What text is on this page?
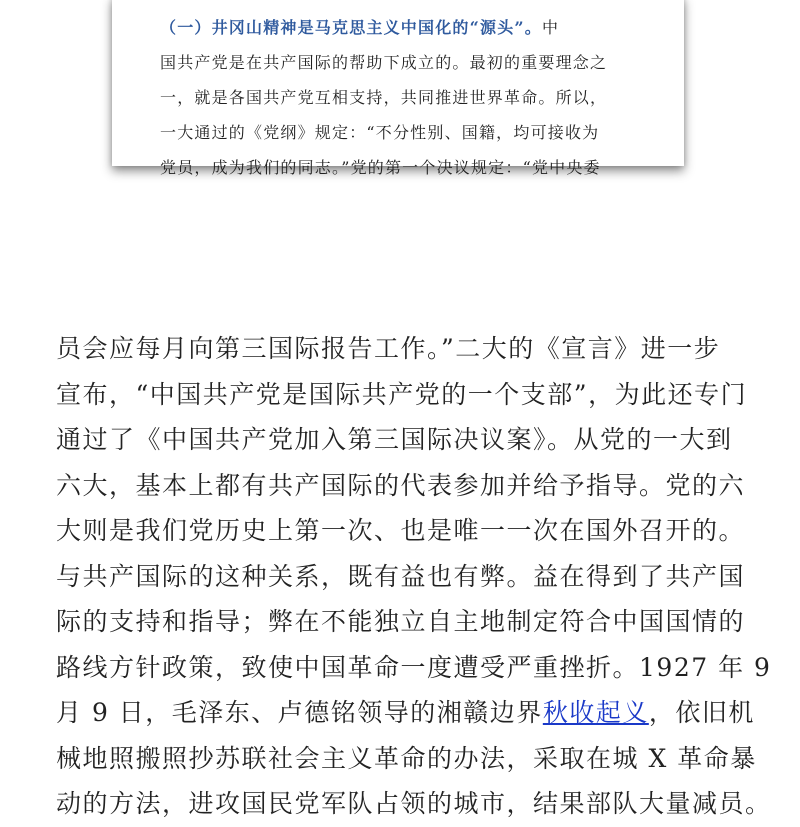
（一）井冈山精神是马克思主义中国化的“源头”。中
国共产党是在共产国际的帮助下成立的。最初的重要理念之
一，就是各国共产党互相支持，共同推进世界革命。所以，
一大通过的《党纲》规定：“不分性别、国籍，均可接收为
党员，成为我们的同志。”党的第一个决议规定：“党中央委
员会应每月向第三国际报告工作。”二大的《宣言》进一步
宣布，“中国共产党是国际共产党的一个支部”，为此还专门
通过了《中国共产党加入第三国际决议案》。从党的一大到
六大，基本上都有共产国际的代表参加并给予指导。党的六
大则是我们党历史上第一次、也是唯一一次在国外召开的。
与共产国际的这种关系，既有益也有弊。益在得到了共产国
际的支持和指导；弊在不能独立自主地制定符合中国国情的
路线方针政策，致使中国革命一度遭受严重挫折。1927 年 9
月 9 日，毛泽东、卢德铭领导的湘赣边界秋收起义，依旧机
械地照搬照抄苏联社会主义革命的办法，采取在城 X 革命暴
动的方法，进攻国民党军队占领的城市，结果部队大量减员。
